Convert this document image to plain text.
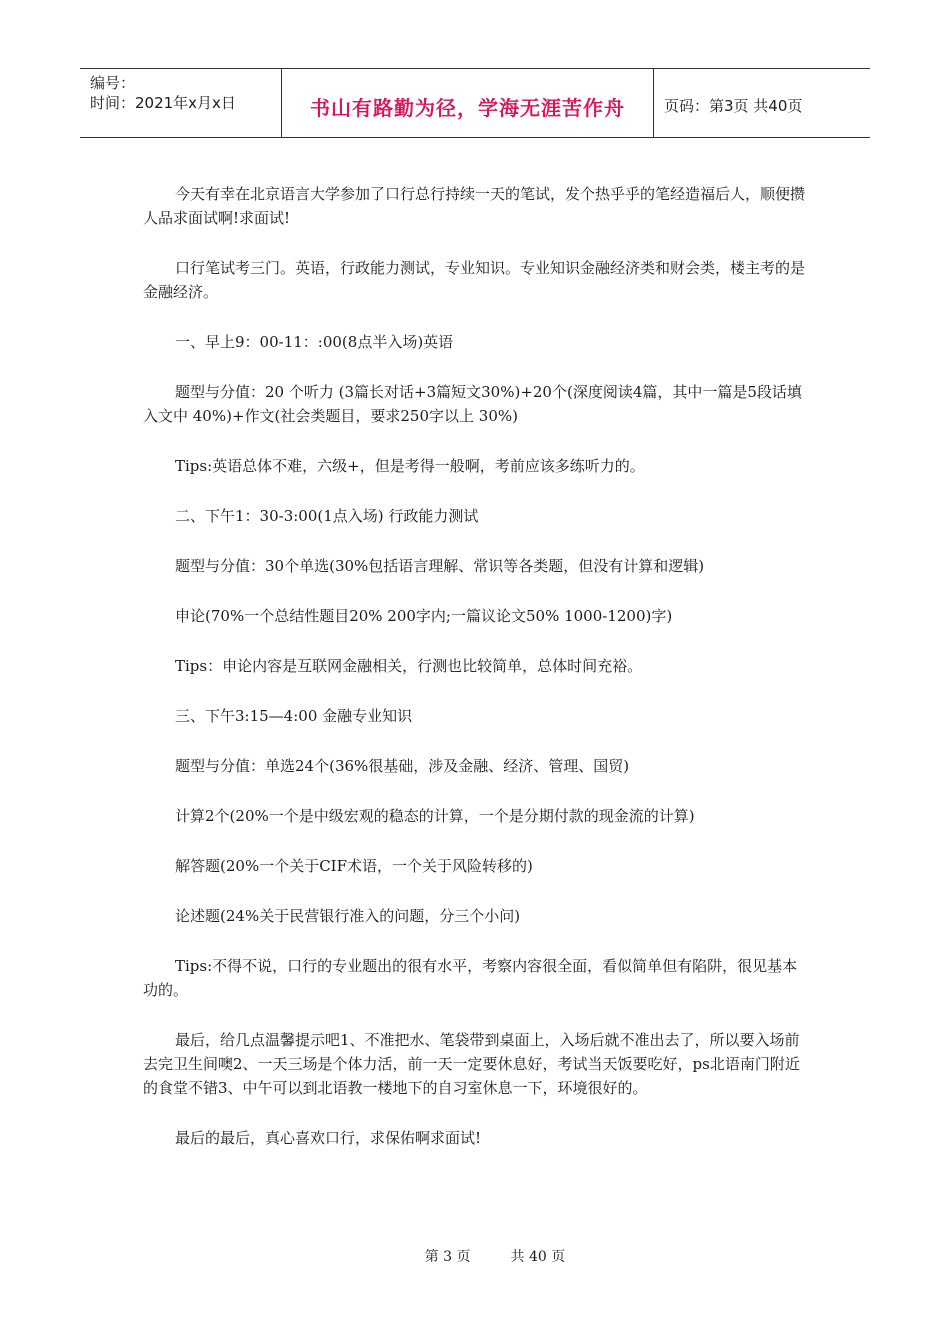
编号：
时间：2021年x月x日	书山有路勤为径，学海无涯苦作舟	页码：第3页 共40页

今天有幸在北京语言大学参加了口行总行持续一天的笔试，发个热乎乎的笔经造福后人，顺便攒人品求面试啊!求面试!

口行笔试考三门。英语，行政能力测试，专业知识。专业知识金融经济类和财会类，楼主考的是金融经济。

一、早上9：00-11：:00(8点半入场)英语

题型与分值：20 个听力 (3篇长对话+3篇短文30%)+20个(深度阅读4篇，其中一篇是5段话填入文中 40%)+作文(社会类题目，要求250字以上 30%)

Tips:英语总体不难，六级+，但是考得一般啊，考前应该多练听力的。

二、下午1：30-3:00(1点入场) 行政能力测试

题型与分值：30个单选(30%包括语言理解、常识等各类题，但没有计算和逻辑)

申论(70%一个总结性题目20% 200字内;一篇议论文50% 1000-1200)字)

Tips：申论内容是互联网金融相关，行测也比较简单，总体时间充裕。

三、下午3:15—4:00 金融专业知识

题型与分值：单选24个(36%很基础，涉及金融、经济、管理、国贸)

计算2个(20%一个是中级宏观的稳态的计算，一个是分期付款的现金流的计算)

解答题(20%一个关于CIF术语，一个关于风险转移的)

论述题(24%关于民营银行准入的问题，分三个小问)

Tips:不得不说，口行的专业题出的很有水平，考察内容很全面，看似简单但有陷阱，很见基本功的。

最后，给几点温馨提示吧1、不准把水、笔袋带到桌面上，入场后就不准出去了，所以要入场前去完卫生间噢2、一天三场是个体力活，前一天一定要休息好，考试当天饭要吃好，ps北语南门附近的食堂不错3、中午可以到北语教一楼地下的自习室休息一下，环境很好的。

最后的最后，真心喜欢口行，求保佑啊求面试!

第 3 页	共 40 页
